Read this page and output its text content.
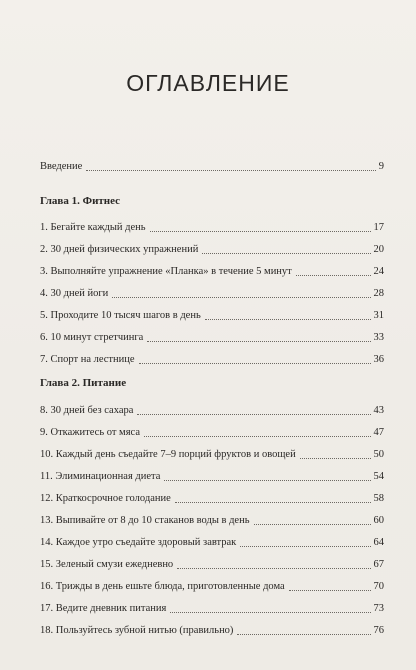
ОГЛАВЛЕНИЕ
Введение	9
Глава 1. Фитнес
1. Бегайте каждый день	17
2. 30 дней физических упражнений	20
3. Выполняйте упражнение «Планка» в течение 5 минут	24
4. 30 дней йоги	28
5. Проходите 10 тысяч шагов в день	31
6. 10 минут стретчинга	33
7. Спорт на лестнице	36
Глава 2. Питание
8. 30 дней без сахара	43
9. Откажитесь от мяса	47
10. Каждый день съедайте 7–9 порций фруктов и овощей	50
11. Элиминационная диета	54
12. Краткосрочное голодание	58
13. Выпивайте от 8 до 10 стаканов воды в день	60
14. Каждое утро съедайте здоровый завтрак	64
15. Зеленый смузи ежедневно	67
16. Трижды в день ешьте блюда, приготовленные дома	70
17. Ведите дневник питания	73
18. Пользуйтесь зубной нитью (правильно)	76
